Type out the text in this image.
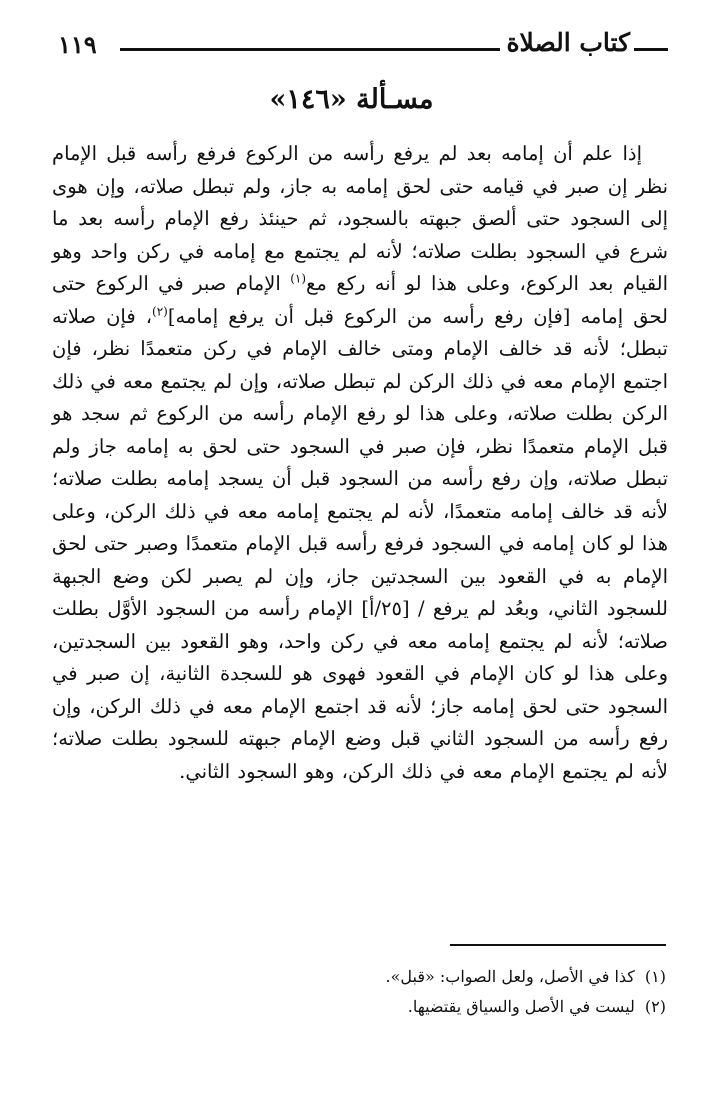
١١٩	كتاب الصلاة
مسـألة «١٤٦»
إذا علم أن إمامه بعد لم يرفع رأسه من الركوع فرفع رأسه قبل الإمام نظر إن صبر في قيامه حتى لحق إمامه به جاز، ولم تبطل صلاته، وإن هوى إلى السجود حتى ألصق جبهته بالسجود، ثم حينئذ رفع الإمام رأسه بعد ما شرع في السجود بطلت صلاته؛ لأنه لم يجتمع مع إمامه في ركن واحد وهو القيام بعد الركوع، وعلى هذا لو أنه ركع مع$^{(١)}$ الإمام صبر في الركوع حتى لحق إمامه [فإن رفع رأسه من الركوع قبل أن يرفع إمامه]$^{(٢)}$، فإن صلاته تبطل؛ لأنه قد خالف الإمام ومتى خالف الإمام في ركن متعمدًا نظر، فإن اجتمع الإمام معه في ذلك الركن لم تبطل صلاته، وإن لم يجتمع معه في ذلك الركن بطلت صلاته، وعلى هذا لو رفع الإمام رأسه من الركوع ثم سجد هو قبل الإمام متعمدًا نظر، فإن صبر في السجود حتى لحق به إمامه جاز ولم تبطل صلاته، وإن رفع رأسه من السجود قبل أن يسجد إمامه بطلت صلاته؛ لأنه قد خالف إمامه متعمدًا، لأنه لم يجتمع إمامه معه في ذلك الركن، وعلى هذا لو كان إمامه في السجود فرفع رأسه قبل الإمام متعمدًا وصبر حتى لحق الإمام به في القعود بين السجدتين جاز، وإن لم يصبر لكن وضع الجبهة للسجود الثاني، وبعُد لم يرفع / [٢٥/أ] الإمام رأسه من السجود الأوَّل بطلت صلاته؛ لأنه لم يجتمع إمامه معه في ركن واحد، وهو القعود بين السجدتين، وعلى هذا لو كان الإمام في القعود فهوى هو للسجدة الثانية، إن صبر في السجود حتى لحق إمامه جاز؛ لأنه قد اجتمع الإمام معه في ذلك الركن، وإن رفع رأسه من السجود الثاني قبل وضع الإمام جبهته للسجود بطلت صلاته؛ لأنه لم يجتمع الإمام معه في ذلك الركن، وهو السجود الثاني.
(١)كذا في الأصل، ولعل الصواب: «قبل».
(٢)ليست في الأصل والسياق يقتضيها.
